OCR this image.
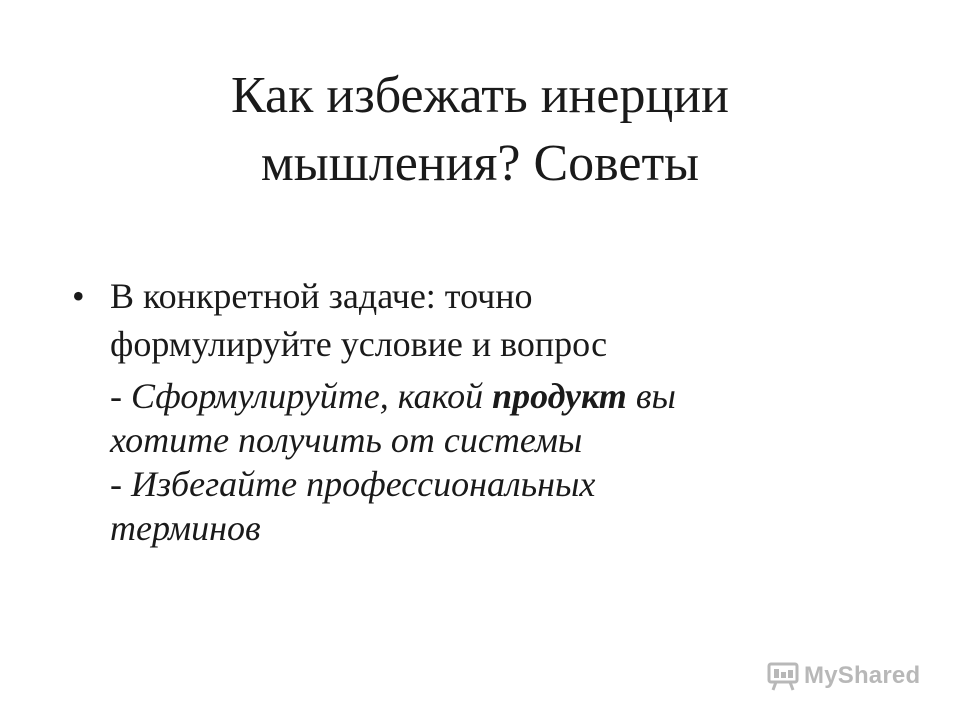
Как избежать инерции
мышления? Советы
• В конкретной задаче: точно
формулируйте условие и вопрос
- Сформулируйте, какой продукт вы
хотите получить от системы
- Избегайте профессиональных
терминов
MyShared
